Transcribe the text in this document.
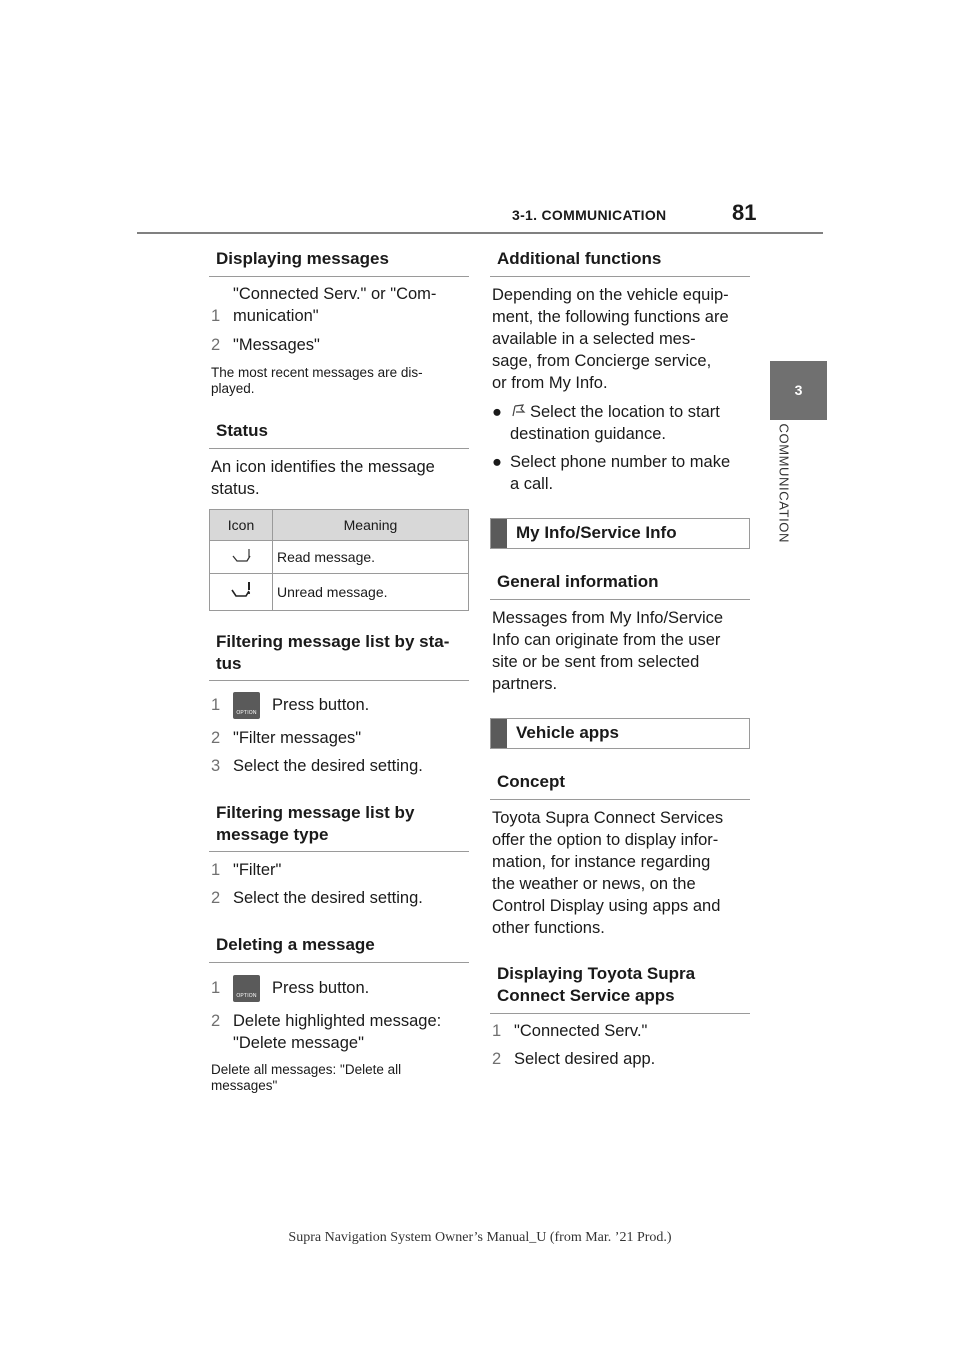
3-1. COMMUNICATION	81
3
COMMUNICATION
Displaying messages
1"Connected Serv." or "Com-
munication"
2 "Messages"
The most recent messages are dis-
played.
Status
An icon identifies the message
status.
Icon	Meaning
	Read message.
	Unread message.
Filtering message list by sta-
tus
1	OPTION Press button.
2 "Filter messages"
3 Select the desired setting.
Filtering message list by
message type
1 "Filter"
2 Select the desired setting.
Deleting a message
1	OPTION Press button.
2 Delete highlighted message:
"Delete message"
Delete all messages: "Delete all
messages"
Additional functions
Depending on the vehicle equip-
ment, the following functions are
available in a selected mes-
sage, from Concierge service,
or from My Info.
● Select the location to start
destination guidance.
● Select phone number to make
a call.
My Info/Service Info
General information
Messages from My Info/Service
Info can originate from the user
site or be sent from selected
partners.
Vehicle apps
Concept
Toyota Supra Connect Services
offer the option to display infor-
mation, for instance regarding
the weather or news, on the
Control Display using apps and
other functions.
Displaying Toyota Supra
Connect Service apps
1 "Connected Serv."
2 Select desired app.
Supra Navigation System Owner’s Manual_U (from Mar. ’21 Prod.)
